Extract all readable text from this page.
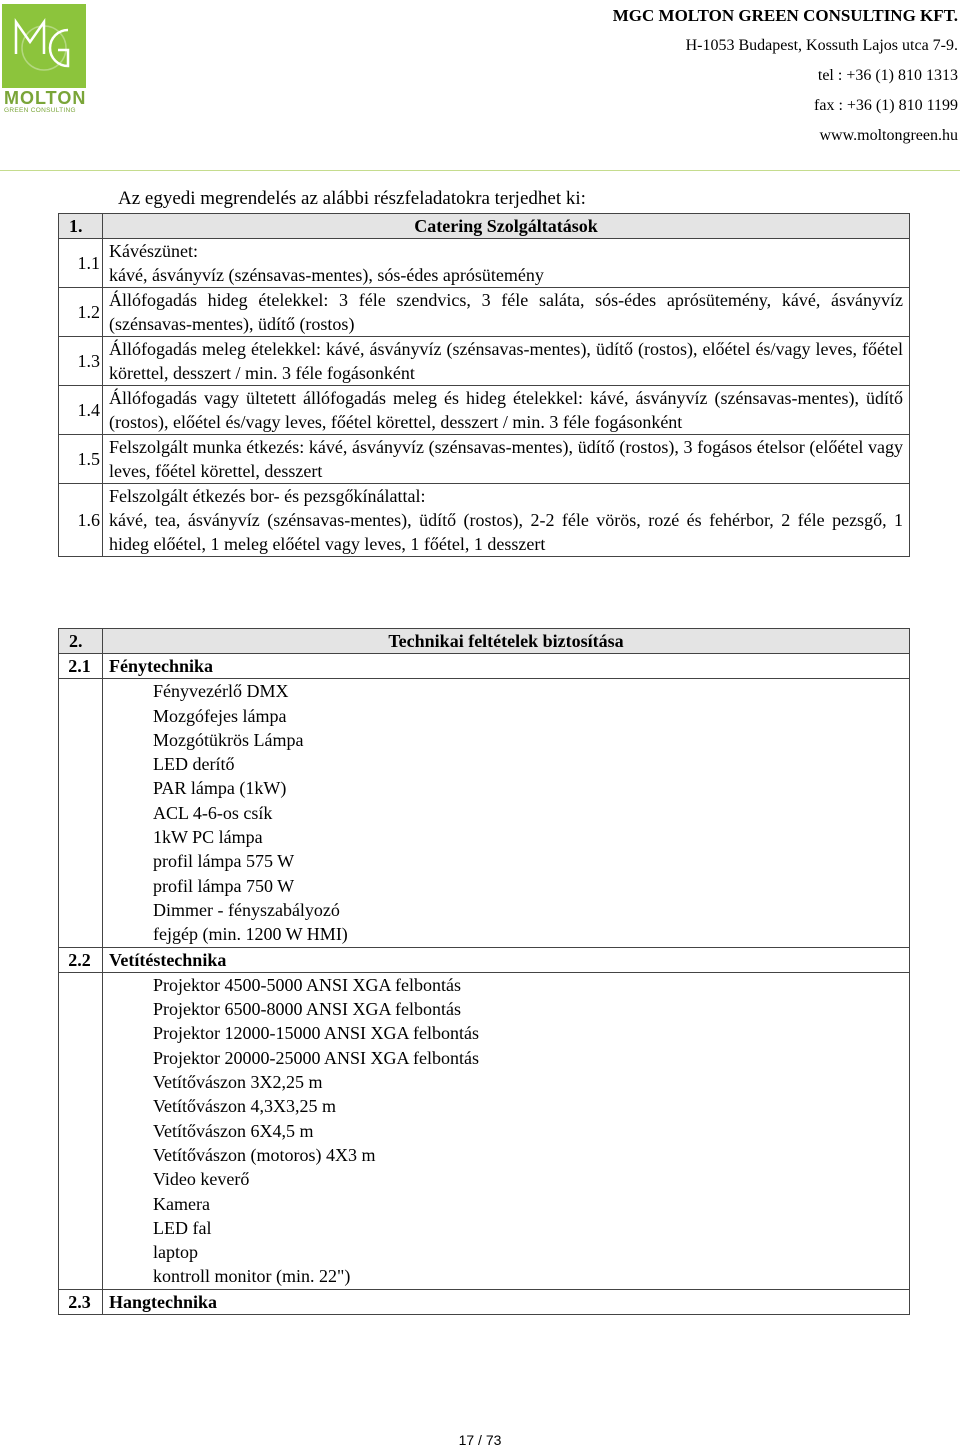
MOLTON
GREEN CONSULTING
MGC MOLTON GREEN CONSULTING KFT.
H-1053 Budapest, Kossuth Lajos utca 7-9.
tel : +36 (1) 810 1313
fax : +36 (1) 810 1199
www.moltongreen.hu
Az egyedi megrendelés az alábbi részfeladatokra terjedhet ki:
1.	Catering Szolgáltatások
1.1	Kávészünet:
kávé, ásványvíz (szénsavas-mentes), sós-édes aprósütemény

1.2	Állófogadás hideg ételekkel: 3 féle szendvics, 3 féle saláta, sós-édes aprósütemény, kávé, ásványvíz (szénsavas-mentes), üdítő (rostos)

1.3	Állófogadás meleg ételekkel: kávé, ásványvíz (szénsavas-mentes), üdítő (rostos), előétel és/vagy leves, főétel körettel, desszert / min. 3 féle fogásonként

1.4	Állófogadás vagy ültetett állófogadás meleg és hideg ételekkel: kávé, ásványvíz (szénsavas-mentes), üdítő (rostos), előétel és/vagy leves, főétel körettel, desszert / min. 3 féle fogásonként

1.5	Felszolgált munka étkezés: kávé, ásványvíz (szénsavas-mentes), üdítő (rostos), 3 fogásos ételsor (előétel vagy leves, főétel körettel, desszert

1.6	Felszolgált étkezés bor- és pezsgőkínálattal:
kávé, tea, ásványvíz (szénsavas-mentes), üdítő (rostos), 2-2 féle vörös, rozé és fehérbor, 2 féle pezsgő, 1 hideg előétel, 1 meleg előétel vagy leves, 1 főétel, 1 desszert
2.	Technikai feltételek biztosítása
2.1	Fénytechnika
	Fényvezérlő DMX
	Mozgófejes lámpa
	Mozgótükrös Lámpa
	LED derítő
	PAR lámpa (1kW)
	ACL 4-6-os csík
	1kW PC lámpa
	profil lámpa 575 W
	profil lámpa 750 W
	Dimmer - fényszabályozó
	fejgép (min. 1200 W HMI)
2.2	Vetítéstechnika
	Projektor 4500-5000 ANSI XGA felbontás
	Projektor 6500-8000 ANSI XGA felbontás
	Projektor 12000-15000 ANSI XGA felbontás
	Projektor 20000-25000 ANSI XGA felbontás
	Vetítővászon 3X2,25 m
	Vetítővászon 4,3X3,25 m
	Vetítővászon 6X4,5 m
	Vetítővászon (motoros) 4X3 m
	Video keverő
	Kamera
	LED fal
	laptop
	kontroll monitor (min. 22")
2.3	Hangtechnika
17 / 73
